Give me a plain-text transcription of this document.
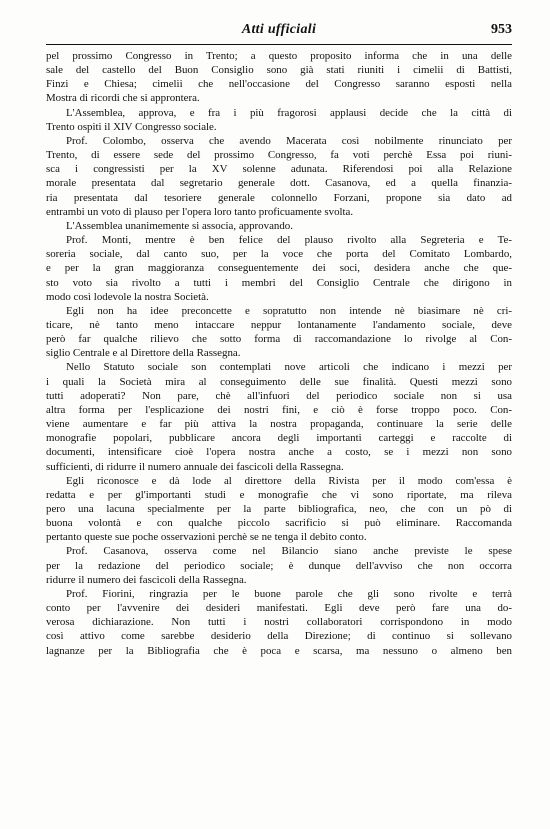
Atti ufficiali	953

pel prossimo Congresso in Trento; a questo proposito informa che in una delle
sale del castello del Buon Consiglio sono già stati riuniti i cimelii di Battisti,
Finzi e Chiesa; cimelii che nell'occasione del Congresso saranno esposti nella
Mostra di ricordi che si approntera.

L'Assemblea, approva, e fra i più fragorosi applausi decide che la città di
Trento ospiti il XIV Congresso sociale.

Prof. Colombo, osserva che avendo Macerata così nobilmente rinunciato per
Trento, di essere sede del prossimo Congresso, fa voti perchè Essa poi riuni-
sca i congressisti per la XV solenne adunata. Riferendosi poi alla Relazione
morale presentata dal segretario generale dott. Casanova, ed a quella finanzia-
ria presentata dal tesoriere generale colonnello Forzani, propone sia dato ad
entrambi un voto di plauso per l'opera loro tanto proficuamente svolta.

L'Assemblea unanimemente si associa, approvando.

Prof. Monti, mentre è ben felice del plauso rivolto alla Segreteria e Te-
soreria sociale, dal canto suo, per la voce che porta del Comitato Lombardo,
e per la gran maggioranza conseguentemente dei soci, desidera anche che que-
sto voto sia rivolto a tutti i membri del Consiglio Centrale che dirigono in
modo così lodevole la nostra Società.

Egli non ha idee preconcette e sopratutto non intende nè biasimare nè cri-
ticare, nè tanto meno intaccare neppur lontanamente l'andamento sociale, deve
però far qualche rilievo che sotto forma di raccomandazione lo rivolge al Con-
siglio Centrale e al Direttore della Rassegna.

Nello Statuto sociale son contemplati nove articoli che indicano i mezzi per
i quali la Società mira al conseguimento delle sue finalità. Questi mezzi sono
tutti adoperati? Non pare, chè all'infuori del periodico sociale non si usa
altra forma per l'esplicazione dei nostri fini, e ciò è forse troppo poco. Con-
viene aumentare e far più attiva la nostra propaganda, continuare la serie delle
monografie popolari, pubblicare ancora degli importanti carteggi e raccolte di
documenti, intensificare cioè l'opera nostra anche a costo, se i mezzi non sono
sufficienti, di ridurre il numero annuale dei fascicoli della Rassegna.

Egli riconosce e dà lode al direttore della Rivista per il modo com'essa è
redatta e per gl'importanti studi e monografie che vi sono riportate, ma rileva
pero una lacuna specialmente per la parte bibliografica, neo, che con un pò di
buona volontà e con qualche piccolo sacrificio si può eliminare. Raccomanda
pertanto queste sue poche osservazioni perchè se ne tenga il debito conto.

Prof. Casanova, osserva come nel Bilancio siano anche previste le spese
per la redazione del periodico sociale; è dunque dell'avviso che non occorra
ridurre il numero dei fascicoli della Rassegna.

Prof. Fiorini, ringrazia per le buone parole che gli sono rivolte e terrà
conto per l'avvenire dei desideri manifestati. Egli deve però fare una do-
verosa dichiarazione. Non tutti i nostri collaboratori corrispondono in modo
così attivo come sarebbe desiderio della Direzione; di continuo si sollevano
lagnanze per la Bibliografia che è poca e scarsa, ma nessuno o almeno ben
